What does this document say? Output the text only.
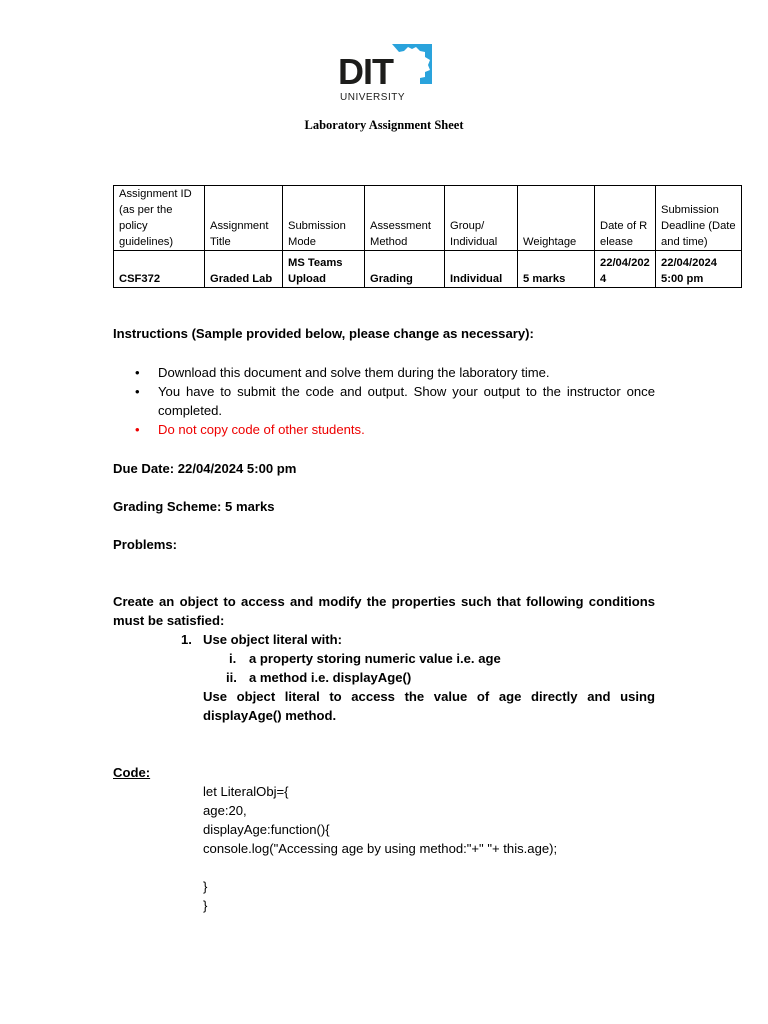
DIT
UNIVERSITY
Laboratory Assignment Sheet
Assignment ID (as per the policy guidelines)	Assignment Title	Submission Mode	Assessment Method	Group/ Individual	Weightage	Date of Release	Submission Deadline (Date and time)
CSF372	Graded Lab	MS Teams Upload	Grading	Individual	5 marks	22/04/2024	22/04/2024 5:00 pm
Instructions (Sample provided below, please change as necessary):
• Download this document and solve them during the laboratory time.
• You have to submit the code and output. Show your output to the instructor once completed.
• Do not copy code of other students.
Due Date: 22/04/2024 5:00 pm
Grading Scheme: 5 marks
Problems:
Create an object to access and modify the properties such that following conditions must be satisfied:
1. Use object literal with:
i. a property storing numeric value i.e. age
ii. a method i.e. displayAge()
Use object literal to access the value of age directly and using displayAge() method.
Code:
let LiteralObj={
age:20,
displayAge:function(){
console.log("Accessing age by using method:"+" "+ this.age);
}
}
